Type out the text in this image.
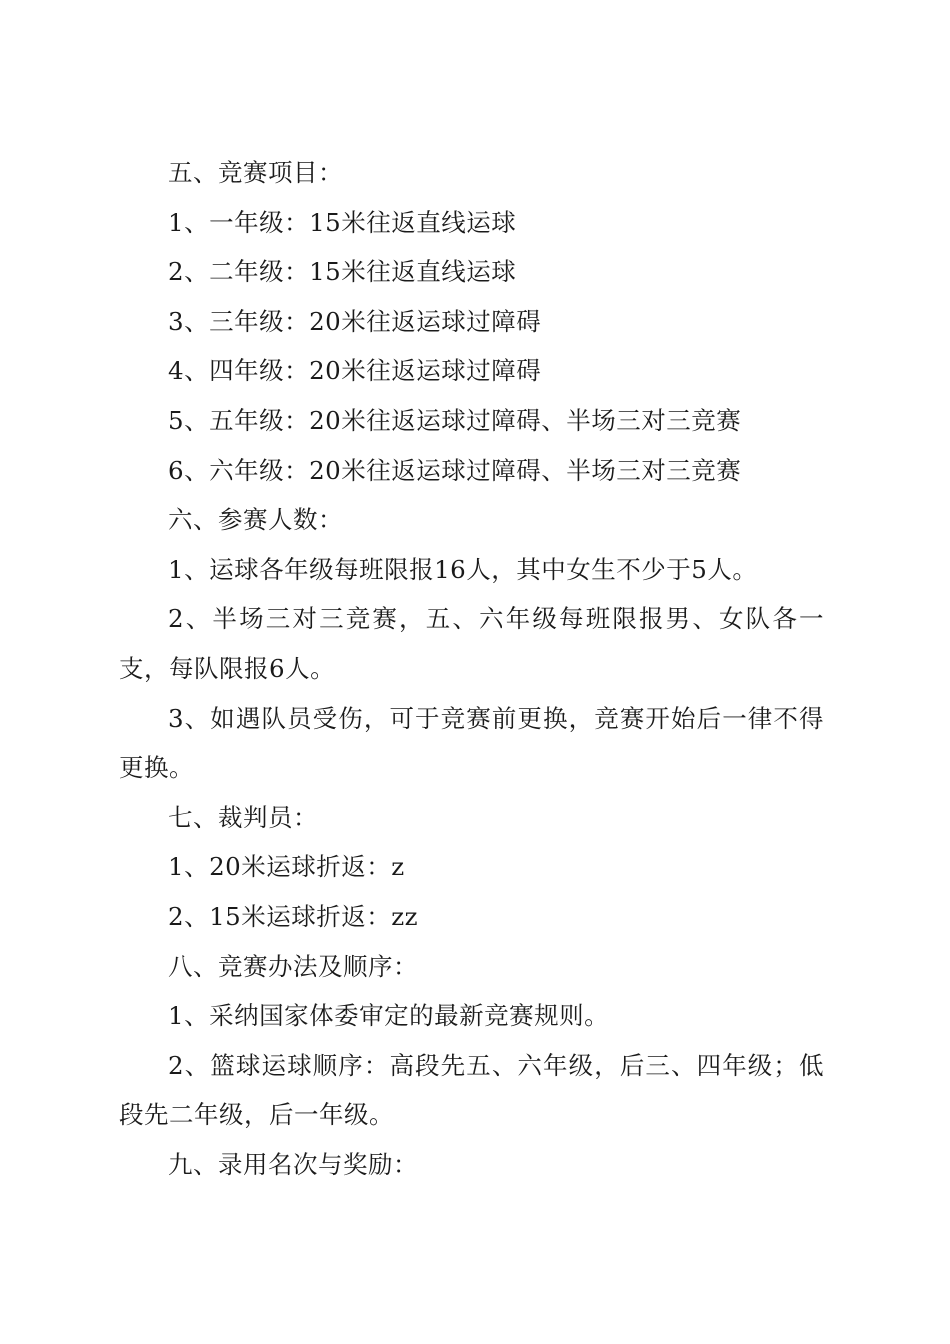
五、竞赛项目：

1、一年级：15米往返直线运球

2、二年级：15米往返直线运球

3、三年级：20米往返运球过障碍

4、四年级：20米往返运球过障碍

5、五年级：20米往返运球过障碍、半场三对三竞赛

6、六年级：20米往返运球过障碍、半场三对三竞赛

六、参赛人数：

1、运球各年级每班限报16人，其中女生不少于5人。

2、半场三对三竞赛，五、六年级每班限报男、女队各一支，每队限报6人。

3、如遇队员受伤，可于竞赛前更换，竞赛开始后一律不得更换。

七、裁判员：

1、20米运球折返：z

2、15米运球折返：zz

八、竞赛办法及顺序：

1、采纳国家体委审定的最新竞赛规则。

2、篮球运球顺序：高段先五、六年级，后三、四年级；低段先二年级，后一年级。

九、录用名次与奖励：
